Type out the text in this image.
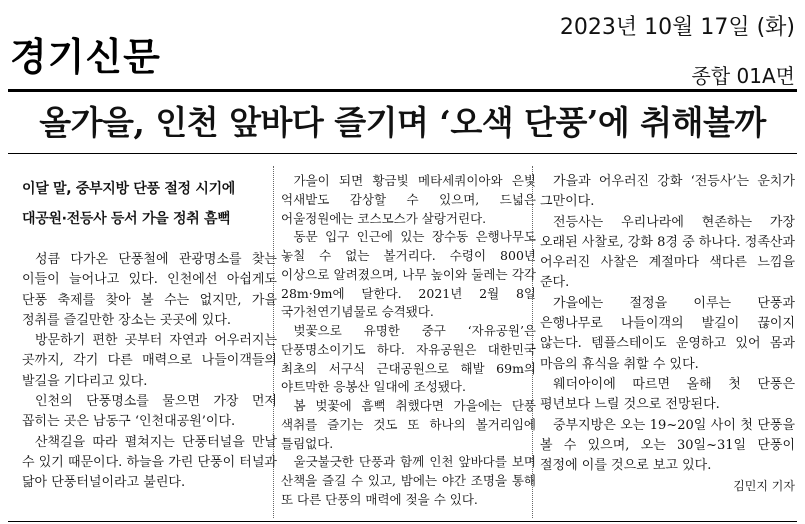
경기신문
2023년 10월 17일 (화)
종합 01A면
올가을, 인천 앞바다 즐기며 ‘오색 단풍’에 취해볼까
이달 말, 중부지방 단풍 절정 시기에
대공원·전등사 등서 가을 정취 흠뻑

성큼 다가온 단풍철에 관광명소를 찾는 이들이 늘어나고 있다. 인천에선 아쉽게도 단풍 축제를 찾아 볼 수는 없지만, 가을 정취를 즐길만한 장소는 곳곳에 있다.

방문하기 편한 곳부터 자연과 어우러지는 곳까지, 각기 다른 매력으로 나들이객들의 발길을 기다리고 있다.

인천의 단풍명소를 물으면 가장 먼저 꼽히는 곳은 남동구 ‘인천대공원’이다.

산책길을 따라 펼쳐지는 단풍터널을 만날 수 있기 때문이다. 하늘을 가린 단풍이 터널과 닮아 단풍터널이라고 불린다.

가을이 되면 황금빛 메타세쿼이아와 은빛 억새밭도 감상할 수 있으며, 드넓은 어울정원에는 코스모스가 살랑거린다.

동문 입구 인근에 있는 장수동 은행나무도 놓칠 수 없는 볼거리다. 수령이 800년 이상으로 알려졌으며, 나무 높이와 둘레는 각각 28m·9m에 달한다. 2021년 2월 8일 국가천연기념물로 승격됐다.

벚꽃으로 유명한 중구 ‘자유공원’은 단풍명소이기도 하다. 자유공원은 대한민국 최초의 서구식 근대공원으로 해발 69m의 야트막한 응봉산 일대에 조성됐다.

봄 벚꽃에 흠뻑 취했다면 가을에는 단풍 색취를 즐기는 것도 또 하나의 볼거리임에 틀림없다.

울긋불긋한 단풍과 함께 인천 앞바다를 보며 산책을 즐길 수 있고, 밤에는 야간 조명을 통해 또 다른 단풍의 매력에 젖을 수 있다.

가을과 어우러진 강화 ‘전등사’는 운치가 그만이다.

전등사는 우리나라에 현존하는 가장 오래된 사찰로, 강화 8경 중 하나다. 정족산과 어우러진 사찰은 계절마다 색다른 느낌을 준다.

가을에는 절정을 이루는 단풍과 은행나무로 나들이객의 발길이 끊이지 않는다. 템플스테이도 운영하고 있어 몸과 마음의 휴식을 취할 수 있다.

웨더아이에 따르면 올해 첫 단풍은 평년보다 느릴 것으로 전망된다.

중부지방은 오는 19~20일 사이 첫 단풍을 볼 수 있으며, 오는 30일~31일 단풍이 절정에 이를 것으로 보고 있다.

김민지 기자
